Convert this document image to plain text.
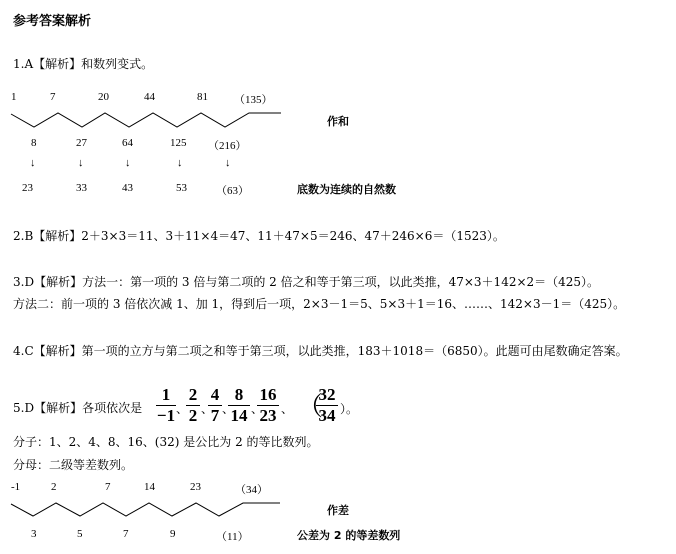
参考答案解析
1.A【解析】和数列变式。
1	7	20	44	81 （135）
作和
8	27	64	125 （216）
↓	↓	↓	↓	↓
23	33	43	53	（63）	底数为连续的自然数
2.B【解析】2＋3×3＝11、3＋11×4＝47、11＋47×5＝246、47＋246×6＝（1523）。
3.D【解析】方法一：第一项的 3 倍与第二项的 2 倍之和等于第三项，以此类推，47×3＋142×2＝（425）。
方法二：前一项的 3 倍依次减 1、加 1，得到后一项，2×3－1＝5、5×3＋1＝16、……、142×3－1＝（425）。
4.C【解析】第一项的立方与第二项之和等于第三项，以此类推，183＋1018＝（6850）。此题可由尾数确定答案。
5.D【解析】各项依次是
1
−1 、
2
2 、
4
7 、
8
14 、
16
23 、 （
32
34 ）。
分子：1、2、4、8、16、(32) 是公比为 2 的等比数列。
分母：二级等差数列。
-1	2	7	14	23	（34）
作差
3	5	7	9	（11）	公差为 2 的等差数列
